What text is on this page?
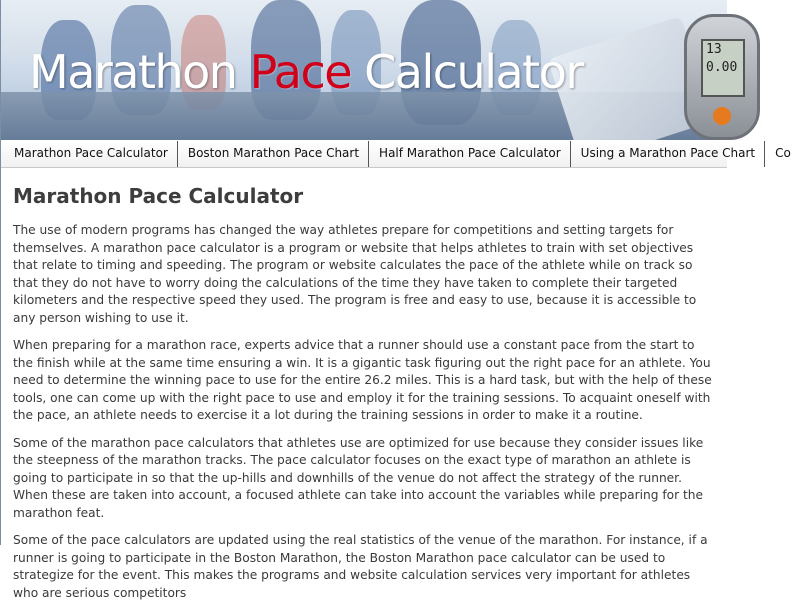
13
0.00
Marathon Pace Calculator
Marathon Pace Calculator Boston Marathon Pace Chart Half Marathon Pace Calculator Using a Marathon Pace Chart Co
Marathon Pace Calculator

The use of modern programs has changed the way athletes prepare for competitions and setting targets for themselves. A marathon pace calculator is a program or website that helps athletes to train with set objectives that relate to timing and speeding. The program or website calculates the pace of the athlete while on track so that they do not have to worry doing the calculations of the time they have taken to complete their targeted kilometers and the respective speed they used. The program is free and easy to use, because it is accessible to any person wishing to use it.

When preparing for a marathon race, experts advice that a runner should use a constant pace from the start to the finish while at the same time ensuring a win. It is a gigantic task figuring out the right pace for an athlete. You need to determine the winning pace to use for the entire 26.2 miles. This is a hard task, but with the help of these tools, one can come up with the right pace to use and employ it for the training sessions. To acquaint oneself with the pace, an athlete needs to exercise it a lot during the training sessions in order to make it a routine.

Some of the marathon pace calculators that athletes use are optimized for use because they consider issues like the steepness of the marathon tracks. The pace calculator focuses on the exact type of marathon an athlete is going to participate in so that the up-hills and downhills of the venue do not affect the strategy of the runner. When these are taken into account, a focused athlete can take into account the variables while preparing for the marathon feat.

Some of the pace calculators are updated using the real statistics of the venue of the marathon. For instance, if a runner is going to participate in the Boston Marathon, the Boston Marathon pace calculator can be used to strategize for the event. This makes the programs and website calculation services very important for athletes who are serious competitors
